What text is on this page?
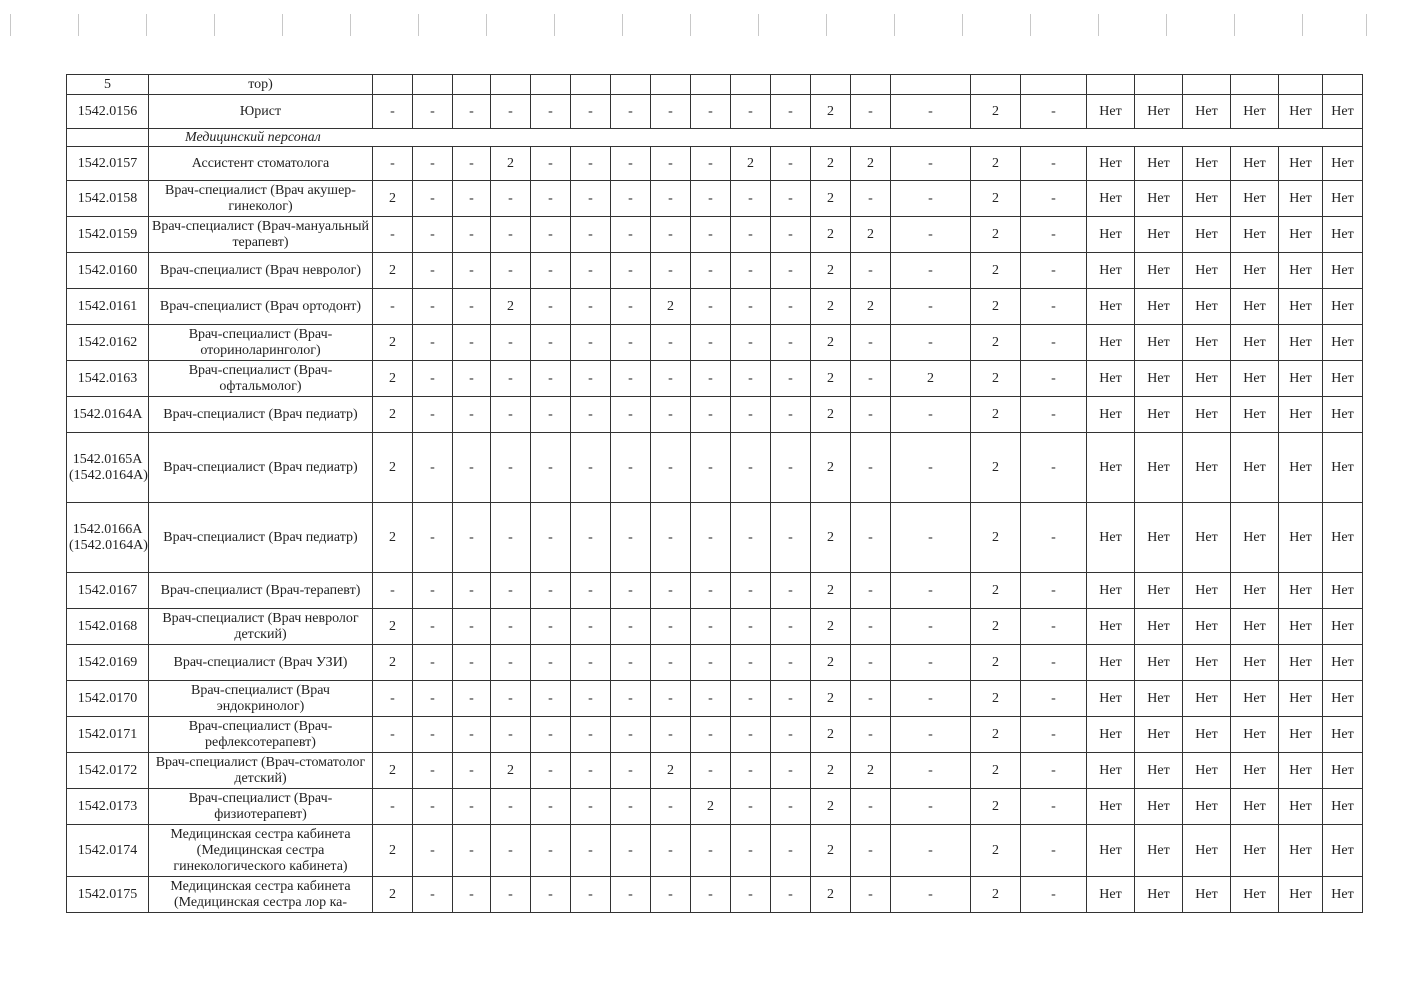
5	тор)																						
1542.0156	Юрист	-	-	-	-	-	-	-	-	-	-	-	2	-	-	2	-	Нет	Нет	Нет	Нет	Нет	Нет
	Медицинский персонал																						
1542.0157	Ассистент стоматолога	-	-	-	2	-	-	-	-	-	2	-	2	2	-	2	-	Нет	Нет	Нет	Нет	Нет	Нет
1542.0158	Врач-специалист (Врач акушер-гинеколог)	2	-	-	-	-	-	-	-	-	-	-	2	-	-	2	-	Нет	Нет	Нет	Нет	Нет	Нет
1542.0159	Врач-специалист (Врач-мануальный терапевт)	-	-	-	-	-	-	-	-	-	-	-	2	2	-	2	-	Нет	Нет	Нет	Нет	Нет	Нет
1542.0160	Врач-специалист (Врач невролог)	2	-	-	-	-	-	-	-	-	-	-	2	-	-	2	-	Нет	Нет	Нет	Нет	Нет	Нет
1542.0161	Врач-специалист (Врач ортодонт)	-	-	-	2	-	-	-	2	-	-	-	2	2	-	2	-	Нет	Нет	Нет	Нет	Нет	Нет
1542.0162	Врач-специалист (Врач-оториноларинголог)	2	-	-	-	-	-	-	-	-	-	-	2	-	-	2	-	Нет	Нет	Нет	Нет	Нет	Нет
1542.0163	Врач-специалист (Врач-офтальмолог)	2	-	-	-	-	-	-	-	-	-	-	2	-	2	2	-	Нет	Нет	Нет	Нет	Нет	Нет
1542.0164А	Врач-специалист (Врач педиатр)	2	-	-	-	-	-	-	-	-	-	-	2	-	-	2	-	Нет	Нет	Нет	Нет	Нет	Нет
1542.0165А (1542.0164А)	Врач-специалист (Врач педиатр)	2	-	-	-	-	-	-	-	-	-	-	2	-	-	2	-	Нет	Нет	Нет	Нет	Нет	Нет
1542.0166А (1542.0164А)	Врач-специалист (Врач педиатр)	2	-	-	-	-	-	-	-	-	-	-	2	-	-	2	-	Нет	Нет	Нет	Нет	Нет	Нет
1542.0167	Врач-специалист (Врач-терапевт)	-	-	-	-	-	-	-	-	-	-	-	2	-	-	2	-	Нет	Нет	Нет	Нет	Нет	Нет
1542.0168	Врач-специалист (Врач невролог детский)	2	-	-	-	-	-	-	-	-	-	-	2	-	-	2	-	Нет	Нет	Нет	Нет	Нет	Нет
1542.0169	Врач-специалист (Врач УЗИ)	2	-	-	-	-	-	-	-	-	-	-	2	-	-	2	-	Нет	Нет	Нет	Нет	Нет	Нет
1542.0170	Врач-специалист (Врач эндокринолог)	-	-	-	-	-	-	-	-	-	-	-	2	-	-	2	-	Нет	Нет	Нет	Нет	Нет	Нет
1542.0171	Врач-специалист (Врач-рефлексотерапевт)	-	-	-	-	-	-	-	-	-	-	-	2	-	-	2	-	Нет	Нет	Нет	Нет	Нет	Нет
1542.0172	Врач-специалист (Врач-стоматолог детский)	2	-	-	2	-	-	-	2	-	-	-	2	2	-	2	-	Нет	Нет	Нет	Нет	Нет	Нет
1542.0173	Врач-специалист (Врач-физиотерапевт)	-	-	-	-	-	-	-	-	2	-	-	2	-	-	2	-	Нет	Нет	Нет	Нет	Нет	Нет
1542.0174	Медицинская сестра кабинета (Медицинская сестра гинекологического кабинета)	2	-	-	-	-	-	-	-	-	-	-	2	-	-	2	-	Нет	Нет	Нет	Нет	Нет	Нет
1542.0175	Медицинская сестра кабинета (Медицинская сестра лор ка-	2	-	-	-	-	-	-	-	-	-	-	2	-	-	2	-	Нет	Нет	Нет	Нет	Нет	Нет
